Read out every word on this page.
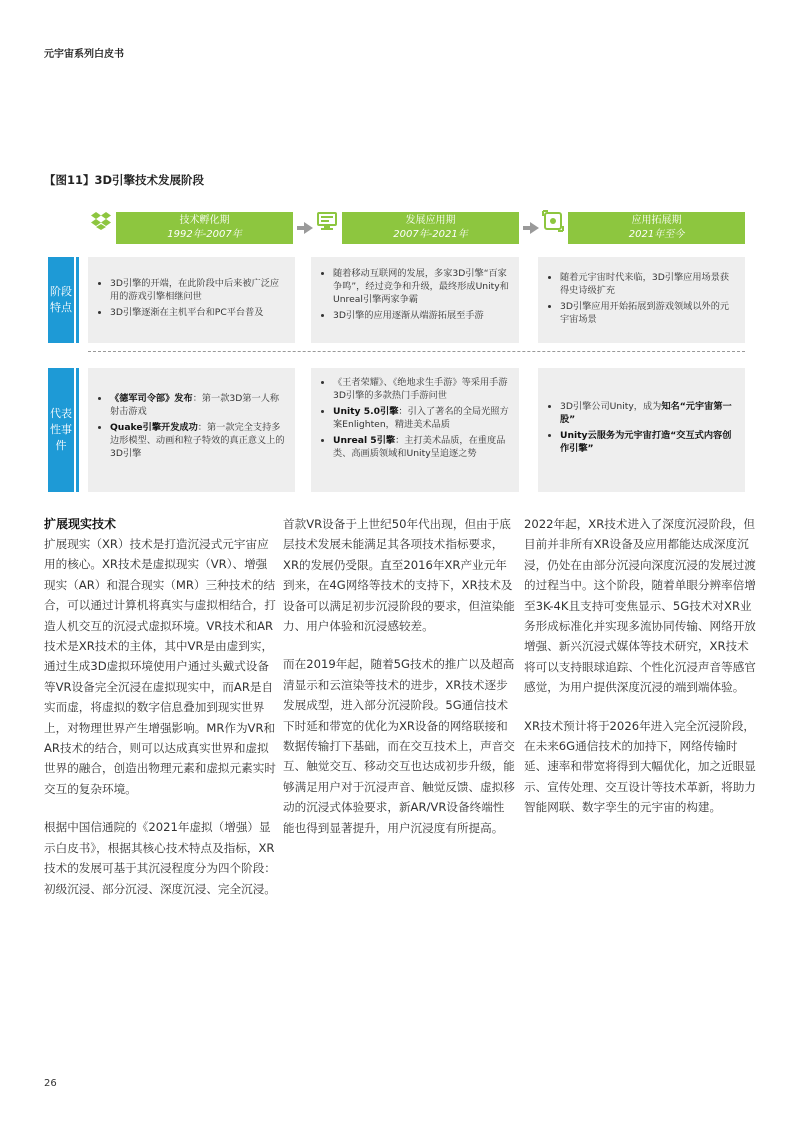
元宇宙系列白皮书
【图11】3D引擎技术发展阶段
技术孵化期
1992年-2007年
发展应用期
2007年-2021年
应用拓展期
2021年至今
阶段
特点
代表
性事
件
• 3D引擎的开端，在此阶段中后来被广泛应用的游戏引擎相继问世
• 3D引擎逐渐在主机平台和PC平台普及
• 随着移动互联网的发展，多家3D引擎“百家争鸣”，经过竞争和升级，最终形成Unity和Unreal引擎两家争霸
• 3D引擎的应用逐渐从端游拓展至手游
• 随着元宇宙时代来临，3D引擎应用场景获得史诗级扩充
• 3D引擎应用开始拓展到游戏领域以外的元宇宙场景
• 《德军司令部》发布：第一款3D第一人称射击游戏
• Quake引擎开发成功：第一款完全支持多边形模型、动画和粒子特效的真正意义上的3D引擎
• 《王者荣耀》、《绝地求生手游》等采用手游3D引擎的多款热门手游问世
• Unity 5.0引擎：引入了著名的全局光照方案Enlighten，精进美术品质
• Unreal 5引擎：主打美术品质，在重度品类、高画质领域和Unity呈追逐之势
• 3D引擎公司Unity，成为知名“元宇宙第一股”
• Unity云服务为元宇宙打造“交互式内容创作引擎”
扩展现实技术

扩展现实（XR）技术是打造沉浸式元宇宙应用的核心。XR技术是虚拟现实（VR）、增强现实（AR）和混合现实（MR）三种技术的结合，可以通过计算机将真实与虚拟相结合，打造人机交互的沉浸式虚拟环境。VR技术和AR技术是XR技术的主体，其中VR是由虚到实，通过生成3D虚拟环境使用户通过头戴式设备等VR设备完全沉浸在虚拟现实中，而AR是自实而虚，将虚拟的数字信息叠加到现实世界上，对物理世界产生增强影响。MR作为VR和AR技术的结合，则可以达成真实世界和虚拟世界的融合，创造出物理元素和虚拟元素实时交互的复杂环境。

根据中国信通院的《2021年虚拟（增强）显示白皮书》，根据其核心技术特点及指标，XR技术的发展可基于其沉浸程度分为四个阶段：初级沉浸、部分沉浸、深度沉浸、完全沉浸。

首款VR设备于上世纪50年代出现，但由于底层技术发展未能满足其各项技术指标要求，XR的发展仍受限。直至2016年XR产业元年到来，在4G网络等技术的支持下，XR技术及设备可以满足初步沉浸阶段的要求，但渲染能力、用户体验和沉浸感较差。

而在2019年起，随着5G技术的推广以及超高清显示和云渲染等技术的进步，XR技术逐步发展成型，进入部分沉浸阶段。5G通信技术下时延和带宽的优化为XR设备的网络联接和数据传输打下基础，而在交互技术上，声音交互、触觉交互、移动交互也达成初步升级，能够满足用户对于沉浸声音、触觉反馈、虚拟移动的沉浸式体验要求，新AR/VR设备终端性能也得到显著提升，用户沉浸度有所提高。

2022年起，XR技术进入了深度沉浸阶段，但目前并非所有XR设备及应用都能达成深度沉浸，仍处在由部分沉浸向深度沉浸的发展过渡的过程当中。这个阶段，随着单眼分辨率倍增至3K-4K且支持可变焦显示、5G技术对XR业务形成标准化并实现多流协同传输、网络开放增强、新兴沉浸式媒体等技术研究，XR技术将可以支持眼球追踪、个性化沉浸声音等感官感觉，为用户提供深度沉浸的端到端体验。

XR技术预计将于2026年进入完全沉浸阶段，在未来6G通信技术的加持下，网络传输时延、速率和带宽将得到大幅优化，加之近眼显示、宣传处理、交互设计等技术革新，将助力智能网联、数字孪生的元宇宙的构建。

26
